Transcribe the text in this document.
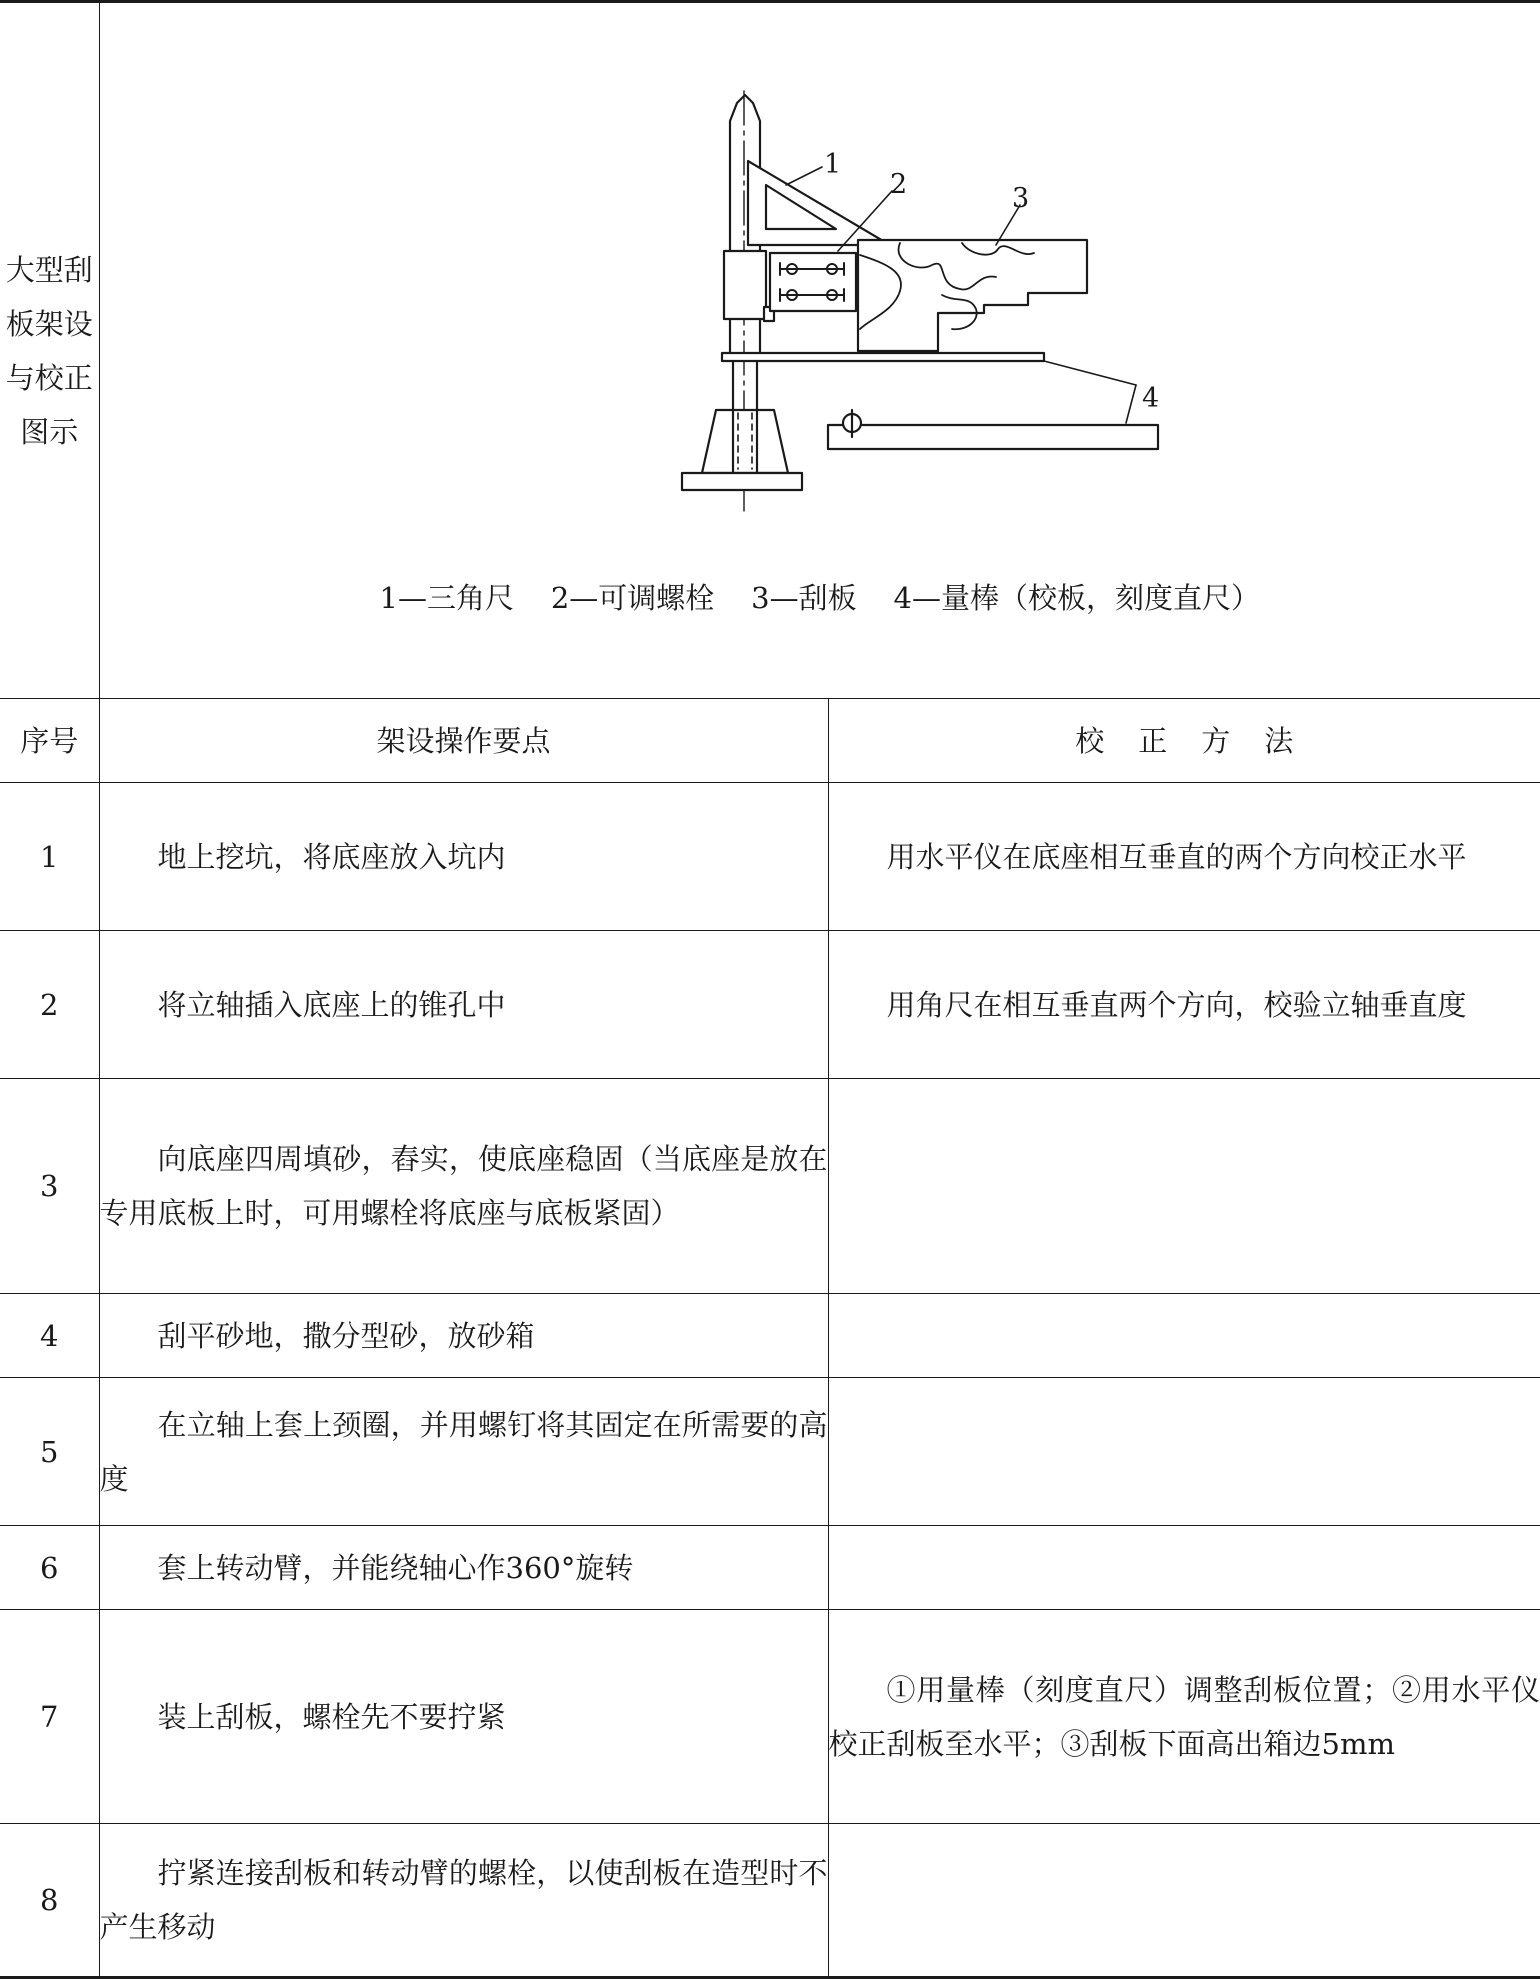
大型刮
板架设
与校正
图示	1
2 3
4
1—三角尺    2—可调螺栓    3—刮板    4—量棒（校板，刻度直尺）	

序号	架设操作要点	校正方法
1	地上挖坑，将底座放入坑内	用水平仪在底座相互垂直的两个方向校正水平

2	将立轴插入底座上的锥孔中	用角尺在相互垂直两个方向，校验立轴垂直度

3	向底座四周填砂，舂实，使底座稳固（当底座是放在专用底板上时，可用螺栓将底座与底板紧固）	

4	刮平砂地，撒分型砂，放砂箱	

5	在立轴上套上颈圈，并用螺钉将其固定在所需要的高度	

6	套上转动臂，并能绕轴心作360°旋转	

7	装上刮板，螺栓先不要拧紧	①用量棒（刻度直尺）调整刮板位置；②用水平仪校正刮板至水平；③刮板下面高出箱边5mm

8	拧紧连接刮板和转动臂的螺栓，以使刮板在造型时不产生移动	
